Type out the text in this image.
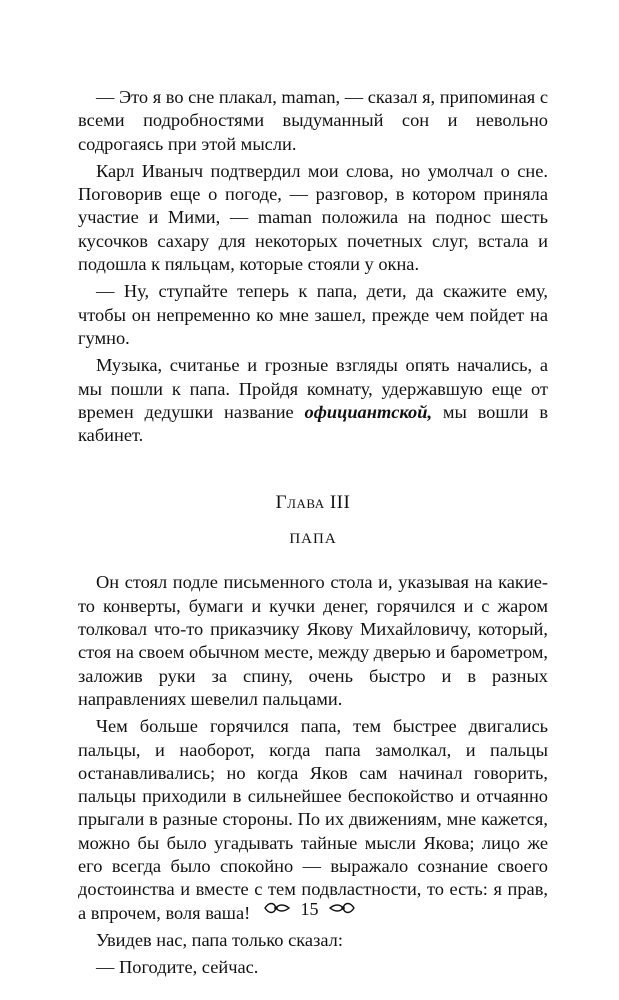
— Это я во сне плакал, maman, — сказал я, припоминая с всеми подробностями выдуманный сон и невольно содрогаясь при этой мысли.

Карл Иваныч подтвердил мои слова, но умолчал о сне. Поговорив еще о погоде, — разговор, в котором приняла участие и Мими, — maman положила на поднос шесть кусочков сахару для некоторых почетных слуг, встала и подошла к пяльцам, которые стояли у окна.

— Ну, ступайте теперь к папа, дети, да скажите ему, чтобы он непременно ко мне зашел, прежде чем пойдет на гумно.

Музыка, считанье и грозные взгляды опять начались, а мы пошли к папа. Пройдя комнату, удержавшую еще от времен дедушки название официантской, мы вошли в кабинет.

Глава III
ПАПА

Он стоял подле письменного стола и, указывая на какие-то конверты, бумаги и кучки денег, горячился и с жаром толковал что-то приказчику Якову Михайловичу, который, стоя на своем обычном месте, между дверью и барометром, заложив руки за спину, очень быстро и в разных направлениях шевелил пальцами.

Чем больше горячился папа, тем быстрее двигались пальцы, и наоборот, когда папа замолкал, и пальцы останавливались; но когда Яков сам начинал говорить, пальцы приходили в сильнейшее беспокойство и отчаянно прыгали в разные стороны. По их движениям, мне кажется, можно бы было угадывать тайные мысли Якова; лицо же его всегда было спокойно — выражало сознание своего достоинства и вместе с тем подвластности, то есть: я прав, а впрочем, воля ваша!

Увидев нас, папа только сказал:

— Погодите, сейчас.

15
